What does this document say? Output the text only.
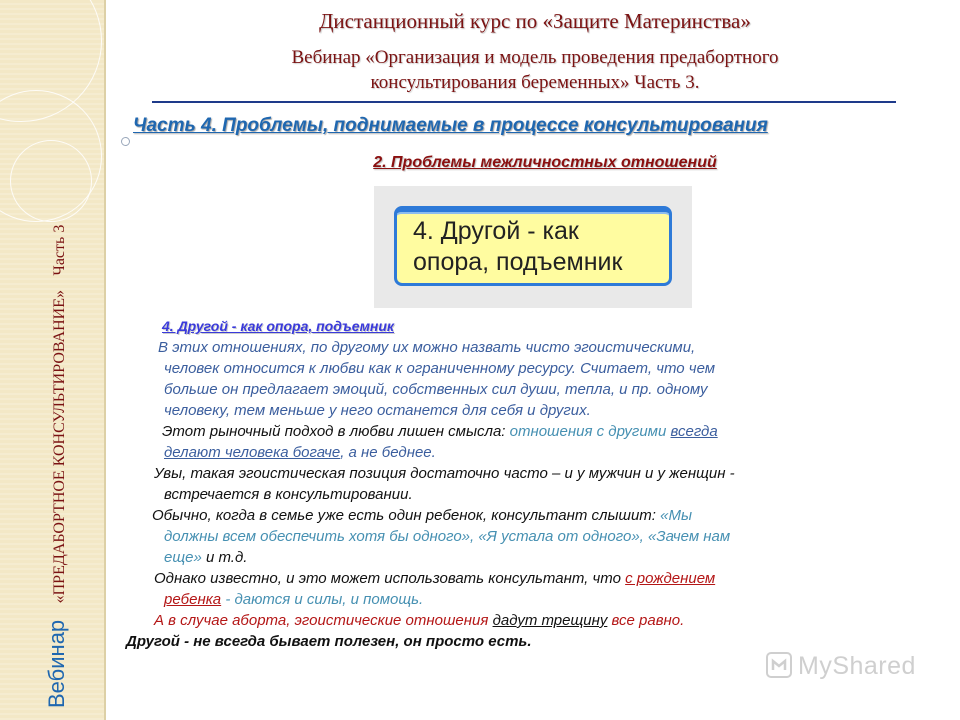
Вебинар «ПРЕДАБОРТНОЕ КОНСУЛЬТИРОВАНИЕ» Часть 3
Дистанционный курс по «Защите Материнства»
Вебинар «Организация и модель проведения предабортного
консультирования беременных» Часть 3.
Часть 4. Проблемы, поднимаемые в процессе консультирования
2. Проблемы межличностных отношений
4. Другой - как
опора, подъемник
4. Другой - как опора, подъемник
В этих отношениях, по другому их можно назвать чисто эгоистическими,
человек относится к любви как к ограниченному ресурсу. Считает, что чем
больше он предлагает эмоций, собственных сил души, тепла, и пр. одному
человеку, тем меньше у него останется для себя и других.
Этот рыночный подход в любви лишен смысла: отношения с другими всегда
делают человека богаче, а не беднее.
Увы, такая эгоистическая позиция достаточно часто – и у мужчин и у женщин -
встречается в консультировании.
Обычно, когда в семье уже есть один ребенок, консультант слышит: «Мы
должны всем обеспечить хотя бы одного», «Я устала от одного», «Зачем нам
еще» и т.д.
Однако известно, и это может использовать консультант, что с рождением
ребенка - даются и силы, и помощь.
А в случае аборта, эгоистические отношения дадут трещину все равно.
Другой - не всегда бывает полезен, он просто есть.
MyShared
